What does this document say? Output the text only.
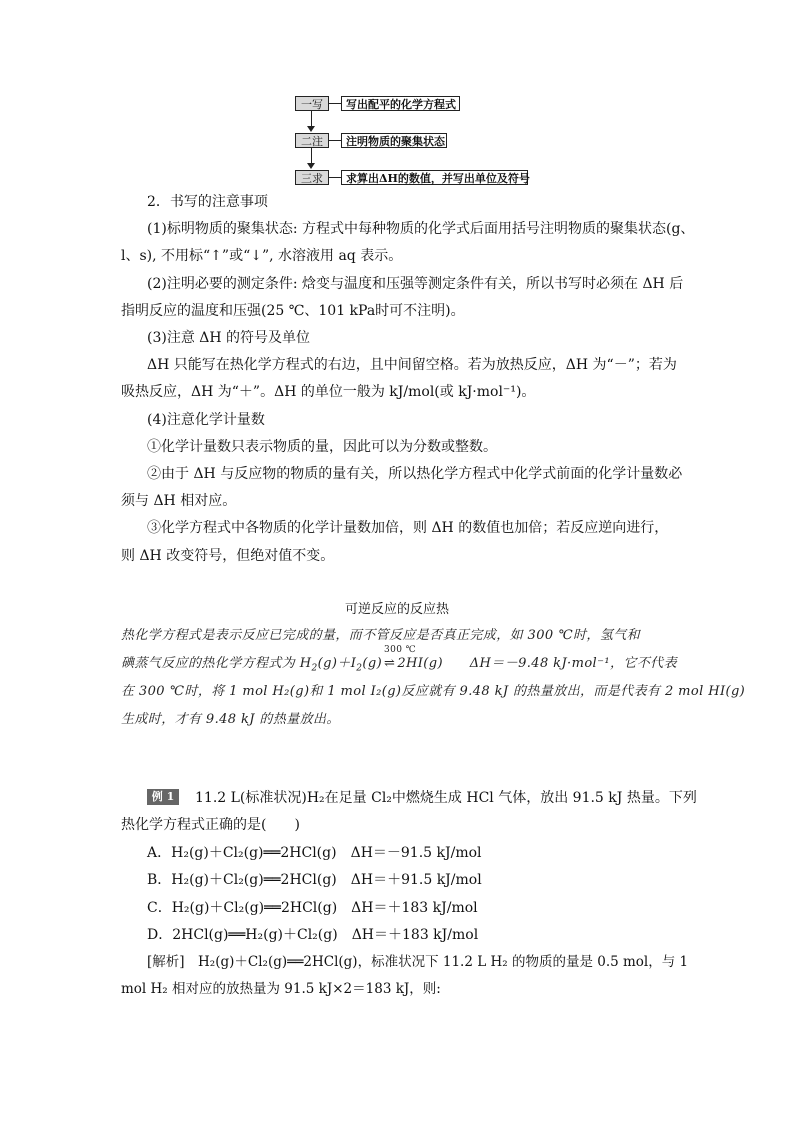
一写	写出配平的化学方程式
二注	注明物质的聚集状态
三求	求算出ΔH的数值，并写出单位及符号
2．书写的注意事项
(1)标明物质的聚集状态: 方程式中每种物质的化学式后面用括号注明物质的聚集状态(g、
l、s), 不用标“↑”或“↓”, 水溶液用 aq 表示。
(2)注明必要的测定条件: 焓变与温度和压强等测定条件有关，所以书写时必须在 ΔH 后
指明反应的温度和压强(25 ℃、101 kPa时可不注明)。
(3)注意 ΔH 的符号及单位
ΔH 只能写在热化学方程式的右边，且中间留空格。若为放热反应，ΔH 为“－”；若为
吸热反应，ΔH 为“＋”。ΔH 的单位一般为 kJ/mol(或 kJ·mol⁻¹)。
(4)注意化学计量数
①化学计量数只表示物质的量，因此可以为分数或整数。
②由于 ΔH 与反应物的物质的量有关，所以热化学方程式中化学式前面的化学计量数必
须与 ΔH 相对应。
③化学方程式中各物质的化学计量数加倍，则 ΔH 的数值也加倍；若反应逆向进行，
则 ΔH 改变符号，但绝对值不变。
可逆反应的反应热
热化学方程式是表示反应已完成的量，而不管反应是否真正完成，如 300 ℃时，氢气和
碘蒸气反应的热化学方程式为 $H_2(g)+I_2(g)$
300 ℃
⇌ 2HI(g)　　ΔH＝－9.48 kJ·mol⁻¹，它不代表
在 300 ℃时，将 1 mol H₂(g)和 1 mol I₂(g)反应就有 9.48 kJ 的热量放出，而是代表有 2 mol HI(g)
生成时，才有 9.48 kJ 的热量放出。
例 1	11.2 L(标准状况)H₂在足量 Cl₂中燃烧生成 HCl 气体，放出 91.5 kJ 热量。下列
热化学方程式正确的是(　　)
A．H₂(g)＋Cl₂(g)══2HCl(g)　 ΔH＝－91.5 kJ/mol
B．H₂(g)＋Cl₂(g)══2HCl(g)　 ΔH＝＋91.5 kJ/mol
C．H₂(g)＋Cl₂(g)══2HCl(g)　 ΔH＝＋183 kJ/mol
D．2HCl(g)══H₂(g)＋Cl₂(g)　 ΔH＝＋183 kJ/mol
[解析]　H₂(g)＋Cl₂(g)══2HCl(g)，标准状况下 11.2 L H₂ 的物质的量是 0.5 mol，与 1
mol H₂ 相对应的放热量为 91.5 kJ×2＝183 kJ，则:
